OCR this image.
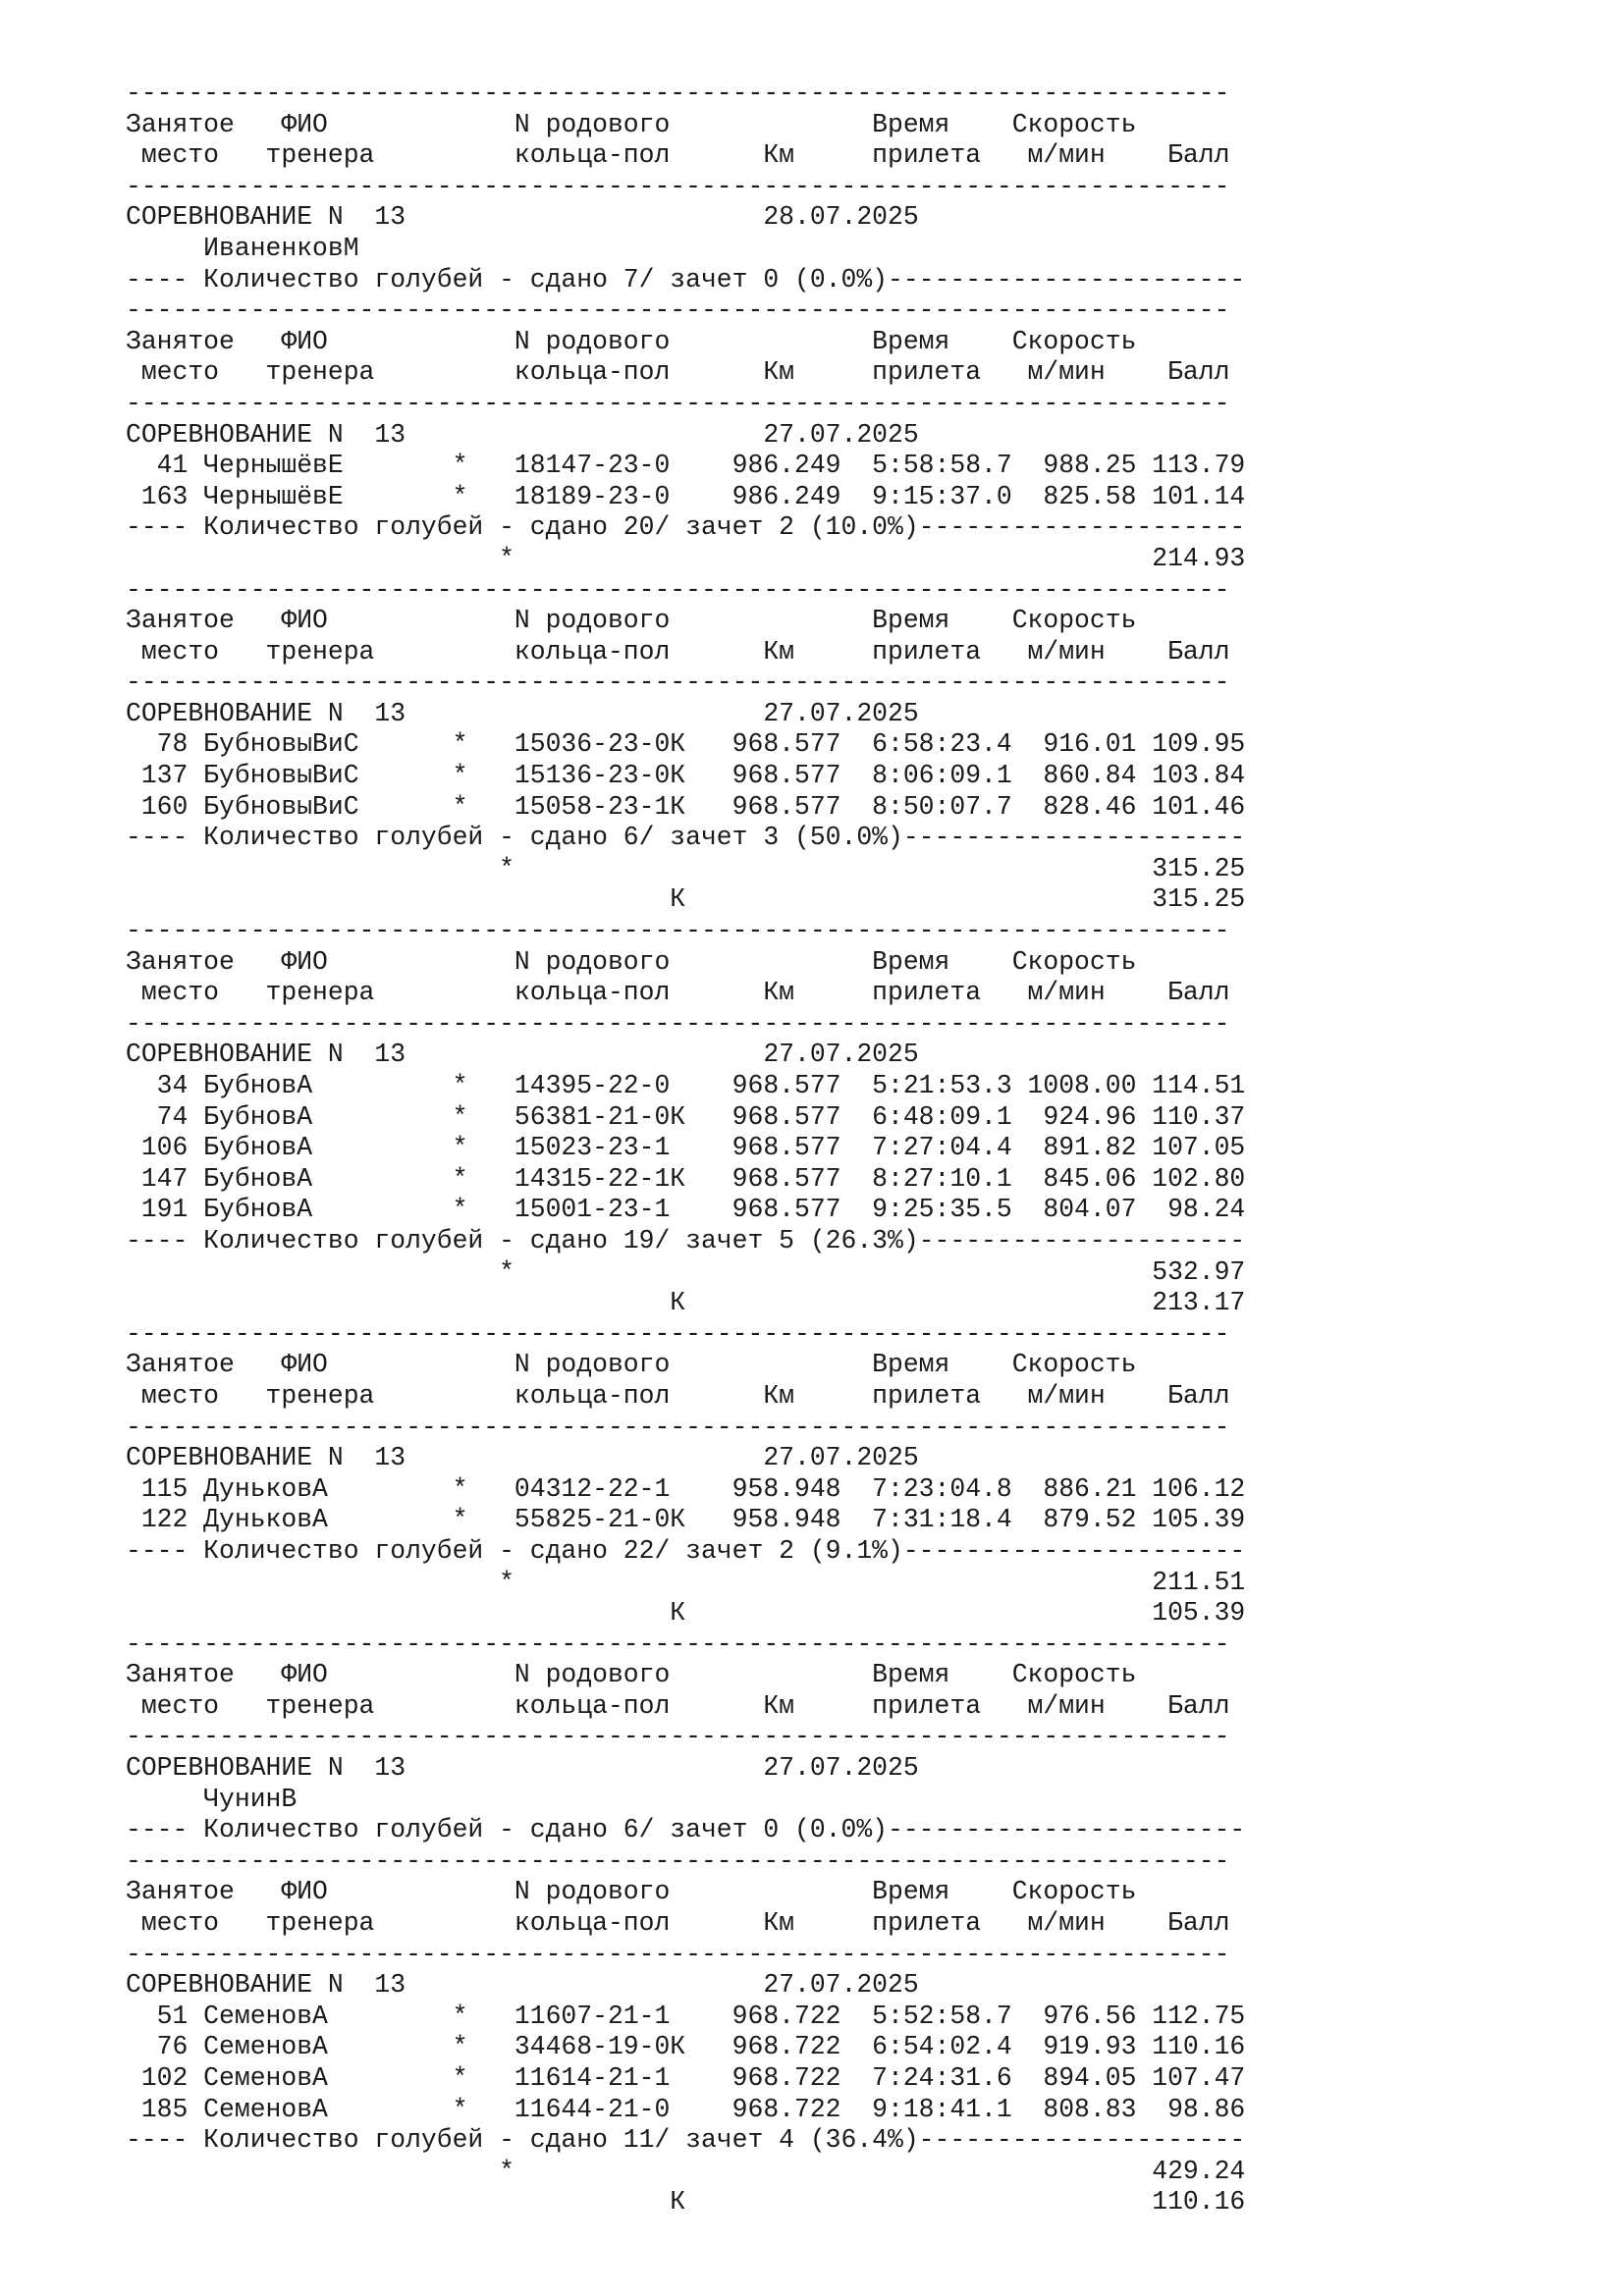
-----------------------------------------------------------------------
Занятое   ФИО            N родового             Время    Скорость
место   тренера         кольца-пол      Км     прилета   м/мин    Балл
-----------------------------------------------------------------------
СОРЕВНОВАНИЕ N  13                       28.07.2025
ИваненковМ
---- Количество голубей - сдано 7/ зачет 0 (0.0%)-----------------------
-----------------------------------------------------------------------
Занятое   ФИО            N родового             Время    Скорость
место   тренера         кольца-пол      Км     прилета   м/мин    Балл
-----------------------------------------------------------------------
СОРЕВНОВАНИЕ N  13                       27.07.2025
41 ЧернышёвЕ       *   18147-23-0    986.249  5:58:58.7  988.25 113.79
163 ЧернышёвЕ       *   18189-23-0    986.249  9:15:37.0  825.58 101.14
---- Количество голубей - сдано 20/ зачет 2 (10.0%)---------------------
*                                         214.93
-----------------------------------------------------------------------
Занятое   ФИО            N родового             Время    Скорость
место   тренера         кольца-пол      Км     прилета   м/мин    Балл
-----------------------------------------------------------------------
СОРЕВНОВАНИЕ N  13                       27.07.2025
78 БубновыВиС      *   15036-23-0К   968.577  6:58:23.4  916.01 109.95
137 БубновыВиС      *   15136-23-0К   968.577  8:06:09.1  860.84 103.84
160 БубновыВиС      *   15058-23-1К   968.577  8:50:07.7  828.46 101.46
---- Количество голубей - сдано 6/ зачет 3 (50.0%)----------------------
*                                         315.25
К                              315.25
-----------------------------------------------------------------------
Занятое   ФИО            N родового             Время    Скорость
место   тренера         кольца-пол      Км     прилета   м/мин    Балл
-----------------------------------------------------------------------
СОРЕВНОВАНИЕ N  13                       27.07.2025
34 БубновА         *   14395-22-0    968.577  5:21:53.3 1008.00 114.51
74 БубновА         *   56381-21-0К   968.577  6:48:09.1  924.96 110.37
106 БубновА         *   15023-23-1    968.577  7:27:04.4  891.82 107.05
147 БубновА         *   14315-22-1К   968.577  8:27:10.1  845.06 102.80
191 БубновА         *   15001-23-1    968.577  9:25:35.5  804.07  98.24
---- Количество голубей - сдано 19/ зачет 5 (26.3%)---------------------
*                                         532.97
К                              213.17
-----------------------------------------------------------------------
Занятое   ФИО            N родового             Время    Скорость
место   тренера         кольца-пол      Км     прилета   м/мин    Балл
-----------------------------------------------------------------------
СОРЕВНОВАНИЕ N  13                       27.07.2025
115 ДуньковА        *   04312-22-1    958.948  7:23:04.8  886.21 106.12
122 ДуньковА        *   55825-21-0К   958.948  7:31:18.4  879.52 105.39
---- Количество голубей - сдано 22/ зачет 2 (9.1%)----------------------
*                                         211.51
К                              105.39
-----------------------------------------------------------------------
Занятое   ФИО            N родового             Время    Скорость
место   тренера         кольца-пол      Км     прилета   м/мин    Балл
-----------------------------------------------------------------------
СОРЕВНОВАНИЕ N  13                       27.07.2025
ЧунинВ
---- Количество голубей - сдано 6/ зачет 0 (0.0%)-----------------------
-----------------------------------------------------------------------
Занятое   ФИО            N родового             Время    Скорость
место   тренера         кольца-пол      Км     прилета   м/мин    Балл
-----------------------------------------------------------------------
СОРЕВНОВАНИЕ N  13                       27.07.2025
51 СеменовА        *   11607-21-1    968.722  5:52:58.7  976.56 112.75
76 СеменовА        *   34468-19-0К   968.722  6:54:02.4  919.93 110.16
102 СеменовА        *   11614-21-1    968.722  7:24:31.6  894.05 107.47
185 СеменовА        *   11644-21-0    968.722  9:18:41.1  808.83  98.86
---- Количество голубей - сдано 11/ зачет 4 (36.4%)---------------------
*                                         429.24
К                              110.16
